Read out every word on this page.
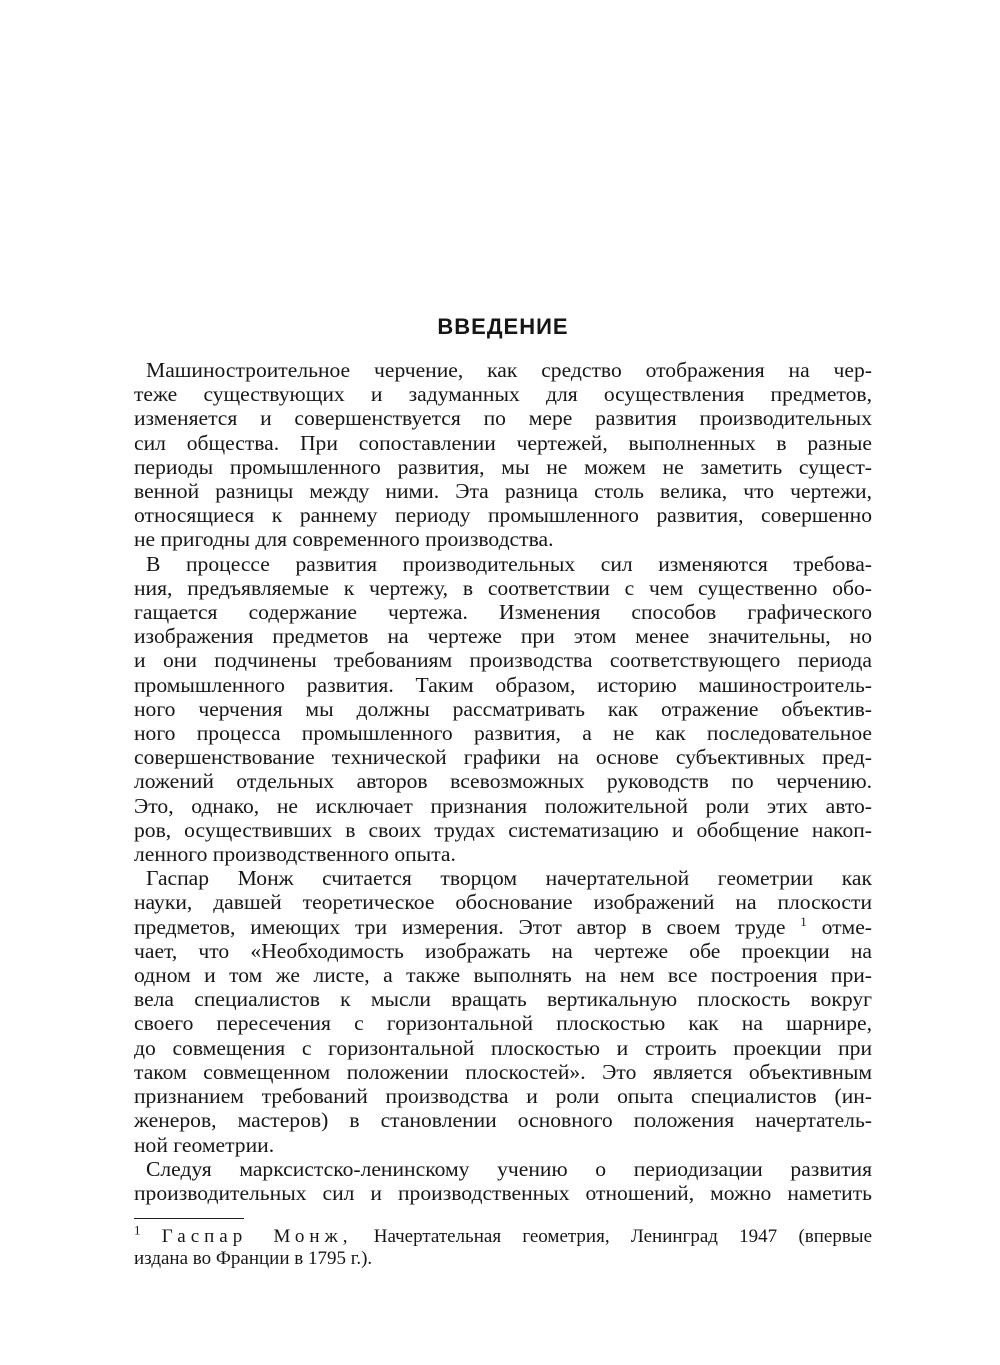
ВВЕДЕНИЕ

Машиностроительное черчение, как средство отображения на чер-
теже существующих и задуманных для осуществления предметов,
изменяется и совершенствуется по мере развития производительных
сил общества. При сопоставлении чертежей, выполненных в разные
периоды промышленного развития, мы не можем не заметить сущест-
венной разницы между ними. Эта разница столь велика, что чертежи,
относящиеся к раннему периоду промышленного развития, совершенно
не пригодны для современного производства.

В процессе развития производительных сил изменяются требова-
ния, предъявляемые к чертежу, в соответствии с чем существенно обо-
гащается содержание чертежа. Изменения способов графического
изображения предметов на чертеже при этом менее значительны, но
и они подчинены требованиям производства соответствующего периода
промышленного развития. Таким образом, историю машиностроитель-
ного черчения мы должны рассматривать как отражение объектив-
ного процесса промышленного развития, а не как последовательное
совершенствование технической графики на основе субъективных пред-
ложений отдельных авторов всевозможных руководств по черчению.
Это, однако, не исключает признания положительной роли этих авто-
ров, осуществивших в своих трудах систематизацию и обобщение накоп-
ленного производственного опыта.

Гаспар Монж считается творцом начертательной геометрии как
науки, давшей теоретическое обоснование изображений на плоскости
предметов, имеющих три измерения. Этот автор в своем труде $^1$ отме-
чает, что «Необходимость изображать на чертеже обе проекции на
одном и том же листе, а также выполнять на нем все построения при-
вела специалистов к мысли вращать вертикальную плоскость вокруг
своего пересечения с горизонтальной плоскостью как на шарнире,
до совмещения с горизонтальной плоскостью и строить проекции при
таком совмещенном положении плоскостей». Это является объективным
признанием требований производства и роли опыта специалистов (ин-
женеров, мастеров) в становлении основного положения начертатель-
ной геометрии.

Следуя марксистско-ленинскому учению о периодизации развития
производительных сил и производственных отношений, можно наметить

$^1$ Гаспар Монж, Начертательная геометрия, Ленинград 1947 (впервые
издана во Франции в 1795 г.).
